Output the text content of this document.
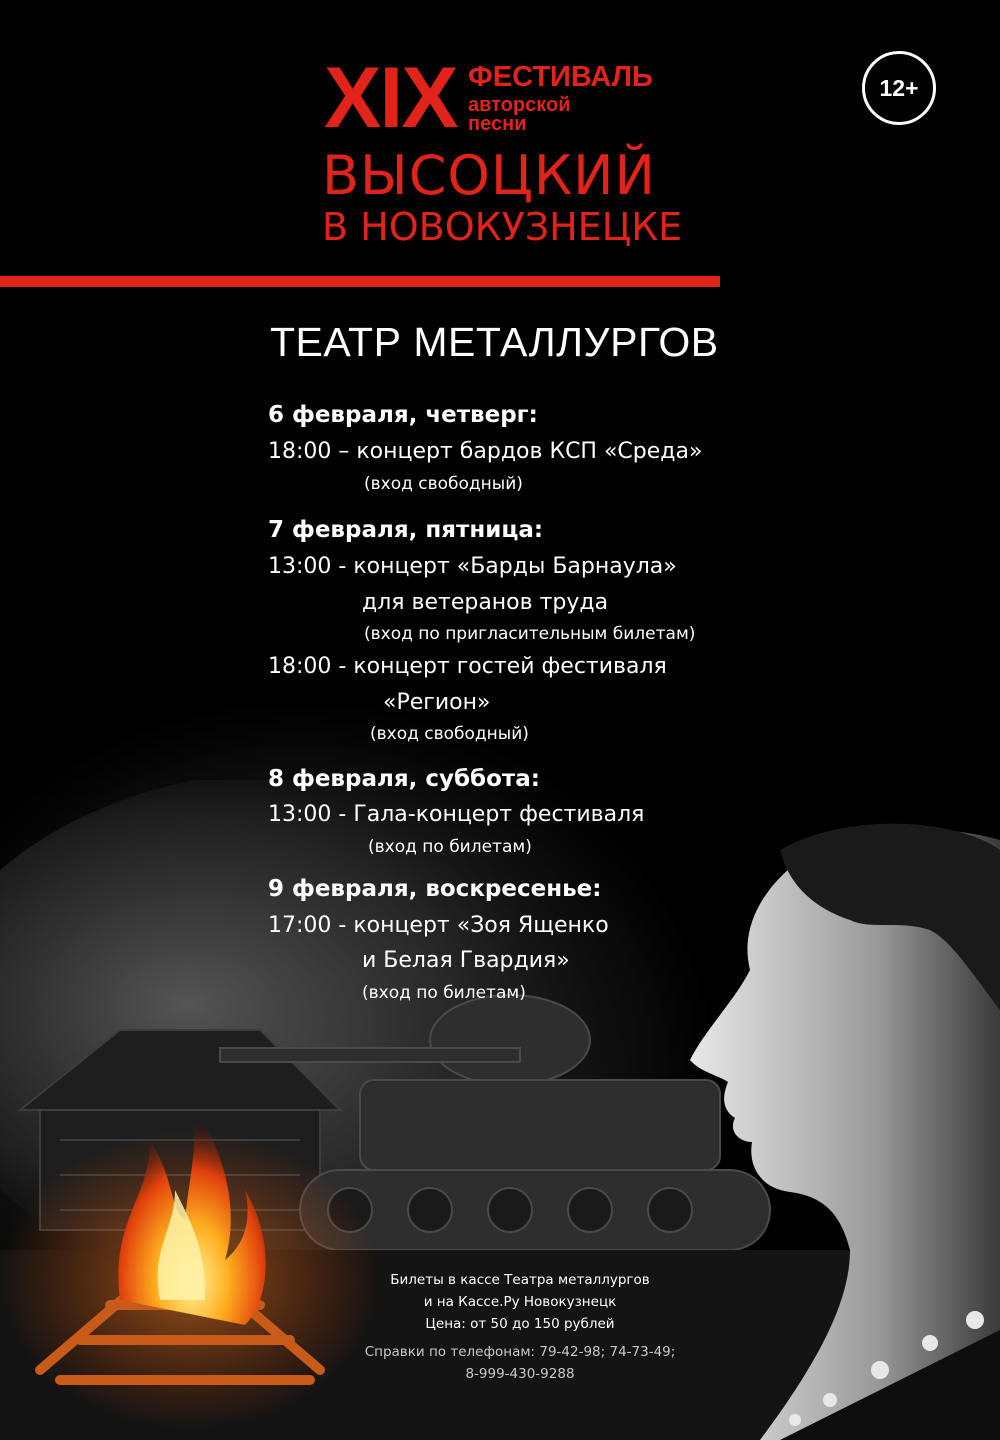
XIX ФЕСТИВАЛЬ
авторской
песни
ВЫСОЦКИЙ
В НОВОКУЗНЕЦКЕ
12+
ТЕАТР МЕТАЛЛУРГОВ
6 февраля, четверг:
18:00 – концерт бардов КСП «Среда»
(вход свободный)
7 февраля, пятница:
13:00 - концерт «Барды Барнаула»
для ветеранов труда
(вход по пригласительным билетам)
18:00 - концерт гостей фестиваля
«Регион»
(вход свободный)
8 февраля, суббота:
13:00 - Гала-концерт фестиваля
(вход по билетам)
9 февраля, воскресенье:
17:00 - концерт «Зоя Ященко
и Белая Гвардия»
(вход по билетам)
Билеты в кассе Театра металлургов
и на Кассе.Ру Новокузнецк
Цена: от 50 до 150 рублей
Справки по телефонам: 79-42-98; 74-73-49;
8-999-430-9288
